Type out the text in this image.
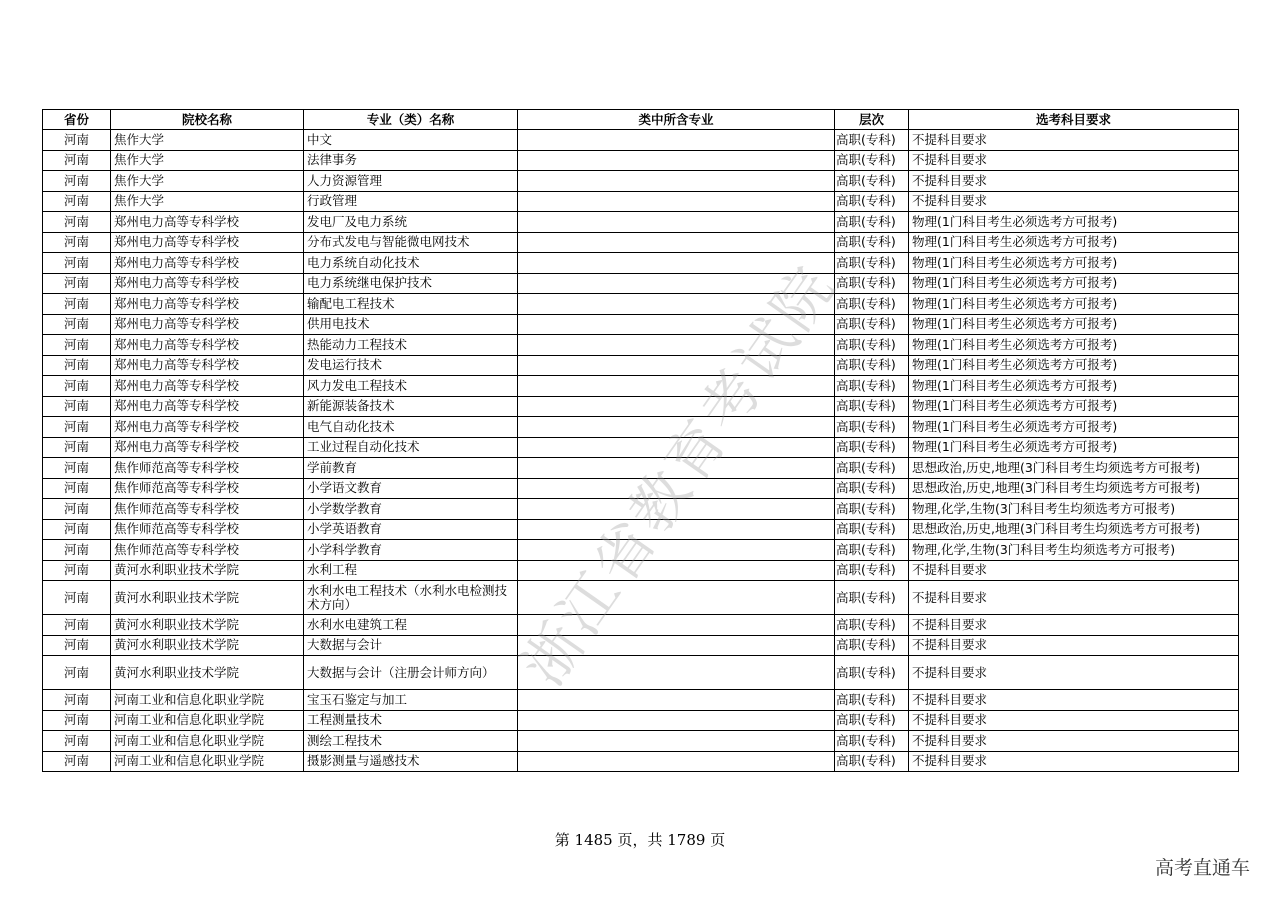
省份	院校名称	专业（类）名称	类中所含专业	层次	选考科目要求
河南	焦作大学	中文		高职(专科)	不提科目要求
河南	焦作大学	法律事务		高职(专科)	不提科目要求
河南	焦作大学	人力资源管理		高职(专科)	不提科目要求
河南	焦作大学	行政管理		高职(专科)	不提科目要求
河南	郑州电力高等专科学校	发电厂及电力系统		高职(专科)	物理(1门科目考生必须选考方可报考)
河南	郑州电力高等专科学校	分布式发电与智能微电网技术		高职(专科)	物理(1门科目考生必须选考方可报考)
河南	郑州电力高等专科学校	电力系统自动化技术		高职(专科)	物理(1门科目考生必须选考方可报考)
河南	郑州电力高等专科学校	电力系统继电保护技术		高职(专科)	物理(1门科目考生必须选考方可报考)
河南	郑州电力高等专科学校	输配电工程技术		高职(专科)	物理(1门科目考生必须选考方可报考)
河南	郑州电力高等专科学校	供用电技术		高职(专科)	物理(1门科目考生必须选考方可报考)
河南	郑州电力高等专科学校	热能动力工程技术		高职(专科)	物理(1门科目考生必须选考方可报考)
河南	郑州电力高等专科学校	发电运行技术		高职(专科)	物理(1门科目考生必须选考方可报考)
河南	郑州电力高等专科学校	风力发电工程技术		高职(专科)	物理(1门科目考生必须选考方可报考)
河南	郑州电力高等专科学校	新能源装备技术		高职(专科)	物理(1门科目考生必须选考方可报考)
河南	郑州电力高等专科学校	电气自动化技术		高职(专科)	物理(1门科目考生必须选考方可报考)
河南	郑州电力高等专科学校	工业过程自动化技术		高职(专科)	物理(1门科目考生必须选考方可报考)
河南	焦作师范高等专科学校	学前教育		高职(专科)	思想政治,历史,地理(3门科目考生均须选考方可报考)
河南	焦作师范高等专科学校	小学语文教育		高职(专科)	思想政治,历史,地理(3门科目考生均须选考方可报考)
河南	焦作师范高等专科学校	小学数学教育		高职(专科)	物理,化学,生物(3门科目考生均须选考方可报考)
河南	焦作师范高等专科学校	小学英语教育		高职(专科)	思想政治,历史,地理(3门科目考生均须选考方可报考)
河南	焦作师范高等专科学校	小学科学教育		高职(专科)	物理,化学,生物(3门科目考生均须选考方可报考)
河南	黄河水利职业技术学院	水利工程		高职(专科)	不提科目要求
河南	黄河水利职业技术学院	水利水电工程技术（水利水电检测技术方向）		高职(专科)	不提科目要求
河南	黄河水利职业技术学院	水利水电建筑工程		高职(专科)	不提科目要求
河南	黄河水利职业技术学院	大数据与会计		高职(专科)	不提科目要求
河南	黄河水利职业技术学院	大数据与会计（注册会计师方向）		高职(专科)	不提科目要求
河南	河南工业和信息化职业学院	宝玉石鉴定与加工		高职(专科)	不提科目要求
河南	河南工业和信息化职业学院	工程测量技术		高职(专科)	不提科目要求
河南	河南工业和信息化职业学院	测绘工程技术		高职(专科)	不提科目要求
河南	河南工业和信息化职业学院	摄影测量与遥感技术		高职(专科)	不提科目要求
浙江省教育考试院
第 1485 页，共 1789 页
高考直通车
